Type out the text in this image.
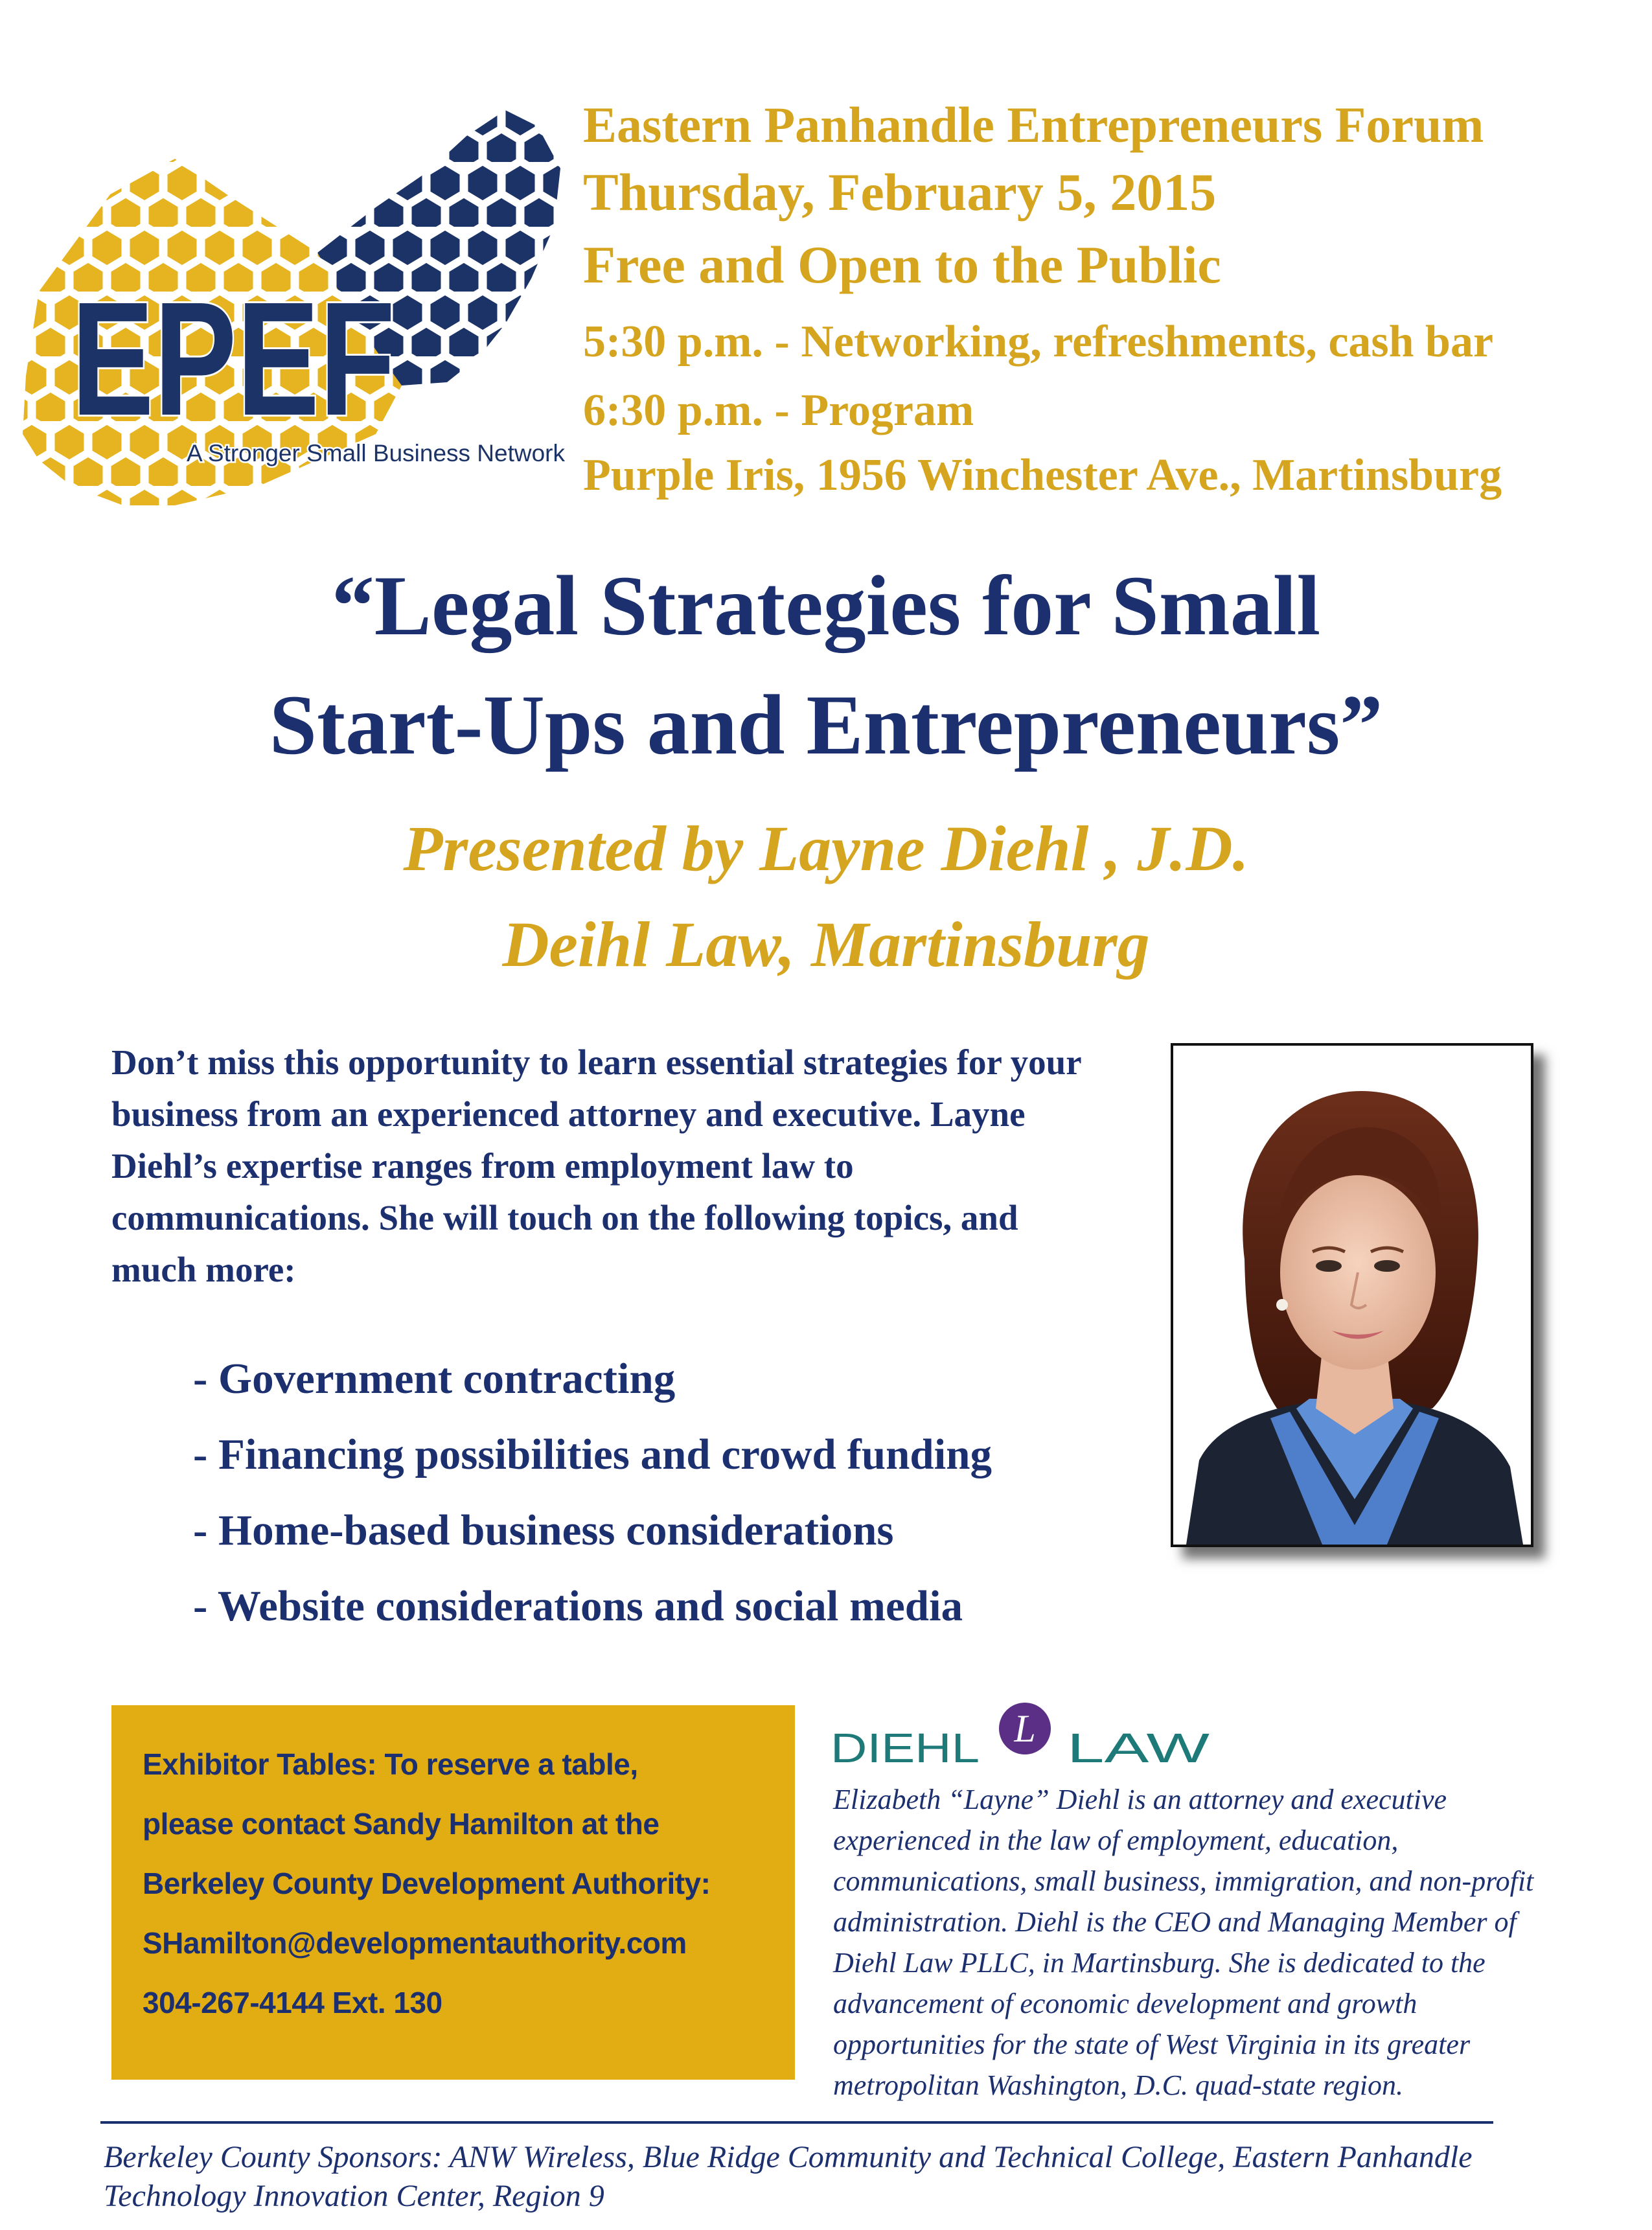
EPEF
A Stronger Small Business Network
Eastern Panhandle Entrepreneurs Forum
Thursday, February 5, 2015
Free and Open to the Public
5:30 p.m. - Networking, refreshments, cash bar
6:30 p.m. - Program
Purple Iris, 1956 Winchester Ave., Martinsburg
“Legal Strategies for Small
Start-Ups and Entrepreneurs”
Presented by Layne Diehl , J.D.
Deihl Law, Martinsburg
Don’t miss this opportunity to learn essential strategies for your business from an experienced attorney and executive. Layne Diehl’s expertise ranges from employment law to communications. She will touch on the following topics, and much more:
- Government contracting
- Financing possibilities and crowd funding
- Home-based business considerations
- Website considerations and social media
Exhibitor Tables: To reserve a table,
please contact Sandy Hamilton at the
Berkeley County Development Authority:
SHamilton@developmentauthority.com
304-267-4144 Ext. 130
DIEHL L LAW
Elizabeth “Layne” Diehl is an attorney and executive experienced in the law of employment, education, communications, small business, immigration, and non-profit administration. Diehl is the CEO and Managing Member of Diehl Law PLLC, in Martinsburg. She is dedicated to the advancement of economic development and growth opportunities for the state of West Virginia in its greater metropolitan Washington, D.C. quad-state region.
Berkeley County Sponsors: ANW Wireless, Blue Ridge Community and Technical College, Eastern Panhandle Technology Innovation Center, Region 9
